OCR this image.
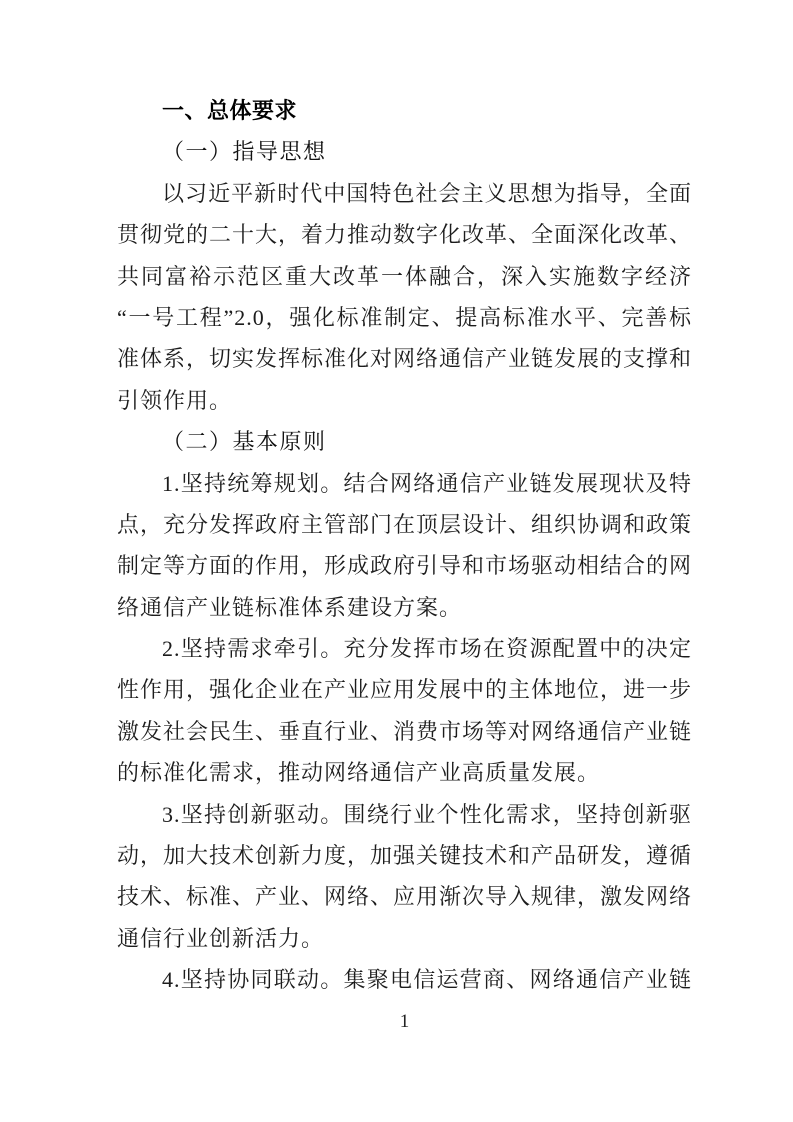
一、总体要求
（一）指导思想
以习近平新时代中国特色社会主义思想为指导，全面
贯彻党的二十大，着力推动数字化改革、全面深化改革、
共同富裕示范区重大改革一体融合，深入实施数字经济
“一号工程”2.0，强化标准制定、提高标准水平、完善标
准体系，切实发挥标准化对网络通信产业链发展的支撑和
引领作用。
（二）基本原则
1.坚持统筹规划。结合网络通信产业链发展现状及特
点，充分发挥政府主管部门在顶层设计、组织协调和政策
制定等方面的作用，形成政府引导和市场驱动相结合的网
络通信产业链标准体系建设方案。
2.坚持需求牵引。充分发挥市场在资源配置中的决定
性作用，强化企业在产业应用发展中的主体地位，进一步
激发社会民生、垂直行业、消费市场等对网络通信产业链
的标准化需求，推动网络通信产业高质量发展。
3.坚持创新驱动。围绕行业个性化需求，坚持创新驱
动，加大技术创新力度，加强关键技术和产品研发，遵循
技术、标准、产业、网络、应用渐次导入规律，激发网络
通信行业创新活力。
4.坚持协同联动。集聚电信运营商、网络通信产业链
1
